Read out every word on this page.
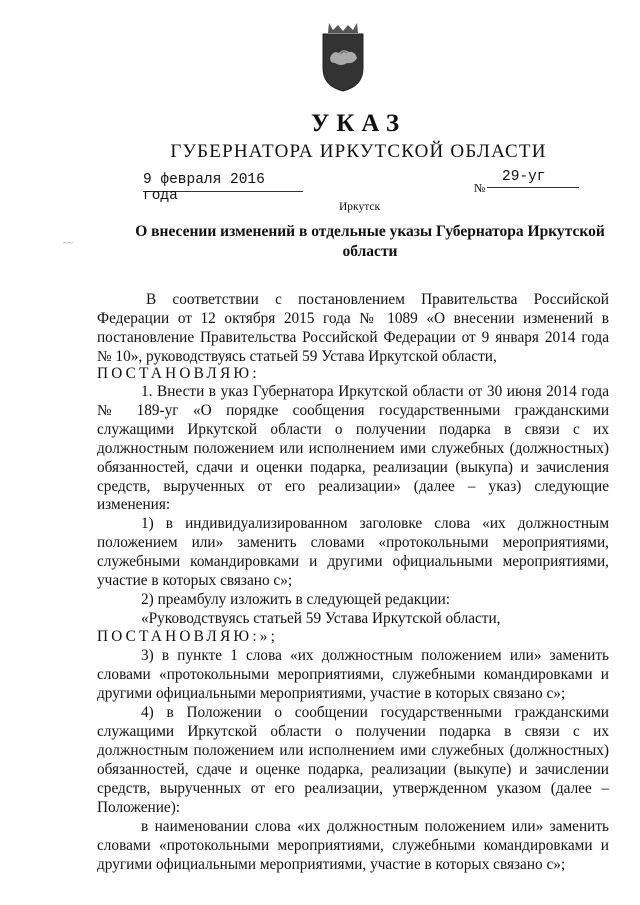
УКАЗ
ГУБЕРНАТОРА ИРКУТСКОЙ ОБЛАСТИ
9 февраля 2016 года	№
29-уг
Иркутск
О внесении изменений в отдельные указы Губернатора Иркутской
области
~~
В соответствии с постановлением Правительства Российской
Федерации от 12 октября 2015 года № 1089 «О внесении изменений в
постановление Правительства Российской Федерации от 9 января 2014 года
№ 10», руководствуясь статьей 59 Устава Иркутской области,
ПОСТАНОВЛЯЮ:
1. Внести в указ Губернатора Иркутской области от 30 июня 2014 года
№ 189-уг «О порядке сообщения государственными гражданскими
служащими Иркутской области о получении подарка в связи с их
должностным положением или исполнением ими служебных (должностных)
обязанностей, сдачи и оценки подарка, реализации (выкупа) и зачисления
средств, вырученных от его реализации» (далее – указ) следующие
изменения:
1) в индивидуализированном заголовке слова «их должностным
положением или» заменить словами «протокольными мероприятиями,
служебными командировками и другими официальными мероприятиями,
участие в которых связано с»;
2) преамбулу изложить в следующей редакции:
«Руководствуясь статьей 59 Устава Иркутской области,
ПОСТАНОВЛЯЮ:»;
3) в пункте 1 слова «их должностным положением или» заменить
словами «протокольными мероприятиями, служебными командировками и
другими официальными мероприятиями, участие в которых связано с»;
4) в Положении о сообщении государственными гражданскими
служащими Иркутской области о получении подарка в связи с их
должностным положением или исполнением ими служебных (должностных)
обязанностей, сдаче и оценке подарка, реализации (выкупе) и зачислении
средств, вырученных от его реализации, утвержденном указом (далее –
Положение):
в наименовании слова «их должностным положением или» заменить
словами «протокольными мероприятиями, служебными командировками и
другими официальными мероприятиями, участие в которых связано с»;
